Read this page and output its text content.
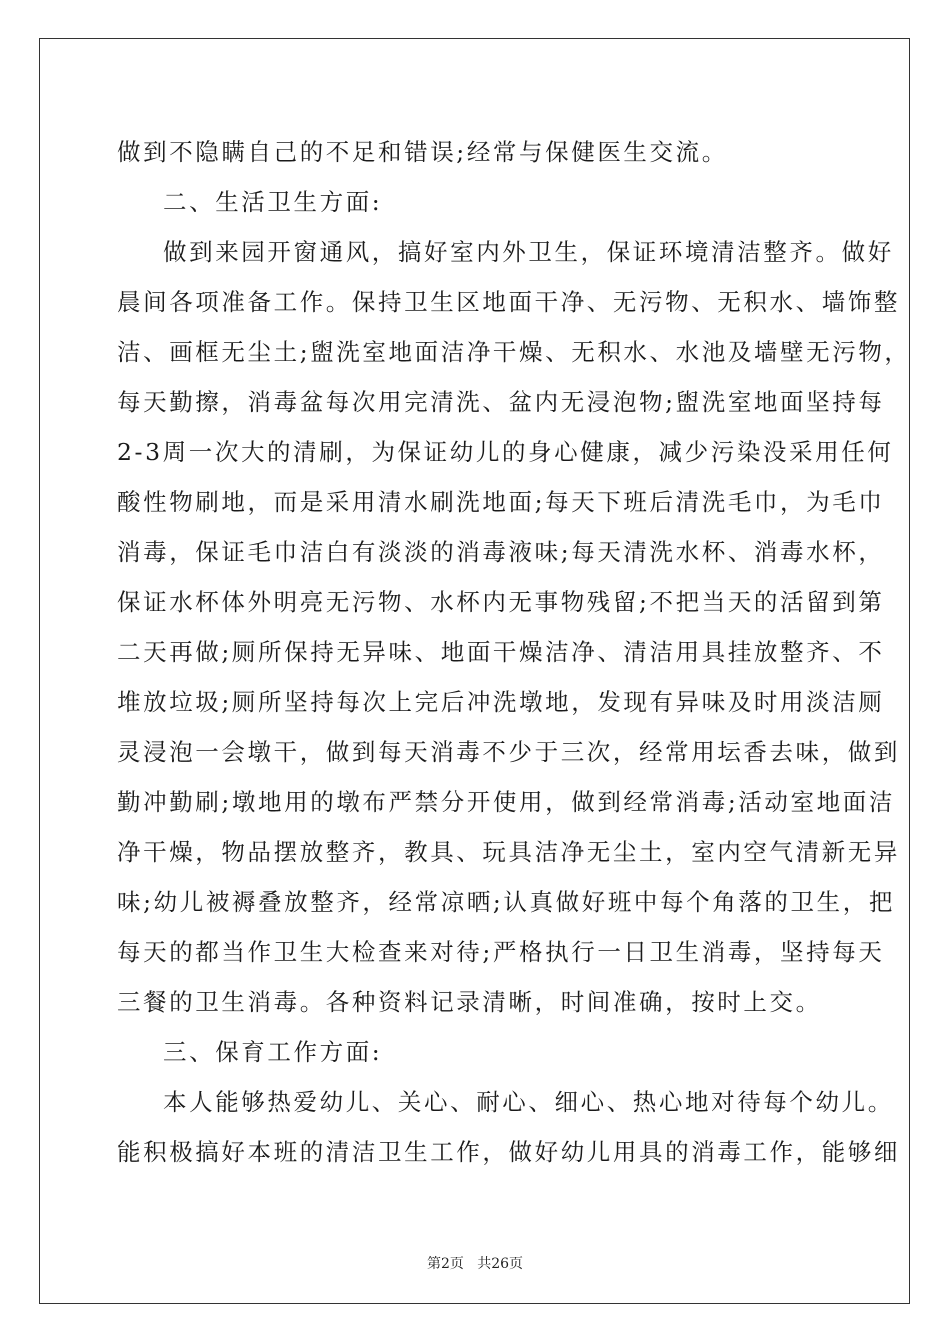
做到不隐瞒自己的不足和错误;经常与保健医生交流。
二、生活卫生方面:
做到来园开窗通风，搞好室内外卫生，保证环境清洁整齐。做好
晨间各项准备工作。保持卫生区地面干净、无污物、无积水、墙饰整
洁、画框无尘土;盥洗室地面洁净干燥、无积水、水池及墙壁无污物，
每天勤擦，消毒盆每次用完清洗、盆内无浸泡物;盥洗室地面坚持每
2-3周一次大的清刷，为保证幼儿的身心健康，减少污染没采用任何
酸性物刷地，而是采用清水刷洗地面;每天下班后清洗毛巾，为毛巾
消毒，保证毛巾洁白有淡淡的消毒液味;每天清洗水杯、消毒水杯，
保证水杯体外明亮无污物、水杯内无事物残留;不把当天的活留到第
二天再做;厕所保持无异味、地面干燥洁净、清洁用具挂放整齐、不
堆放垃圾;厕所坚持每次上完后冲洗墩地，发现有异味及时用淡洁厕
灵浸泡一会墩干，做到每天消毒不少于三次，经常用坛香去味，做到
勤冲勤刷;墩地用的墩布严禁分开使用，做到经常消毒;活动室地面洁
净干燥，物品摆放整齐，教具、玩具洁净无尘土，室内空气清新无异
味;幼儿被褥叠放整齐，经常凉晒;认真做好班中每个角落的卫生，把
每天的都当作卫生大检查来对待;严格执行一日卫生消毒，坚持每天
三餐的卫生消毒。各种资料记录清晰，时间准确，按时上交。
三、保育工作方面:
本人能够热爱幼儿、关心、耐心、细心、热心地对待每个幼儿。
能积极搞好本班的清洁卫生工作，做好幼儿用具的消毒工作，能够细
第2页   共26页
